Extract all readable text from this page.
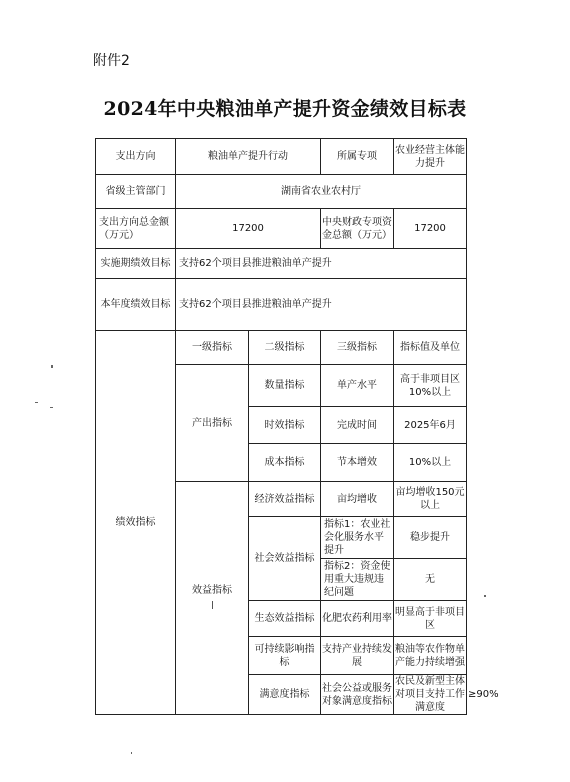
附件2
2024年中央粮油单产提升资金绩效目标表
支出方向	粮油单产提升行动		所属专项	农业经营主体能力提升	
省级主管部门	湖南省农业农村厅				
支出方向总金额（万元）	17200		中央财政专项资金总额（万元）	17200	
实施期绩效目标	支持62个项目县推进粮油单产提升				
本年度绩效目标	支持62个项目县推进粮油单产提升				
绩效指标	一级指标	二级指标	三级指标	指标值及单位	
	产出指标	数量指标	单产水平	高于非项目区10%以上	
		时效指标	完成时间	2025年6月	
		成本指标	节本增效	10%以上	

	效益指标	经济效益指标	亩均增收	亩均增收150元以上	
		社会效益指标	指标1：农业社会化服务水平提升	稳步提升	
			指标2：资金使用重大违规违纪问题	无	
		生态效益指标	化肥农药利用率	明显高于非项目区	
		可持续影响指标	支持产业持续发展	粮油等农作物单产能力持续增强	
		满意度指标	社会公益或服务对象满意度指标	农民及新型主体对项目支持工作满意度	≥90%
